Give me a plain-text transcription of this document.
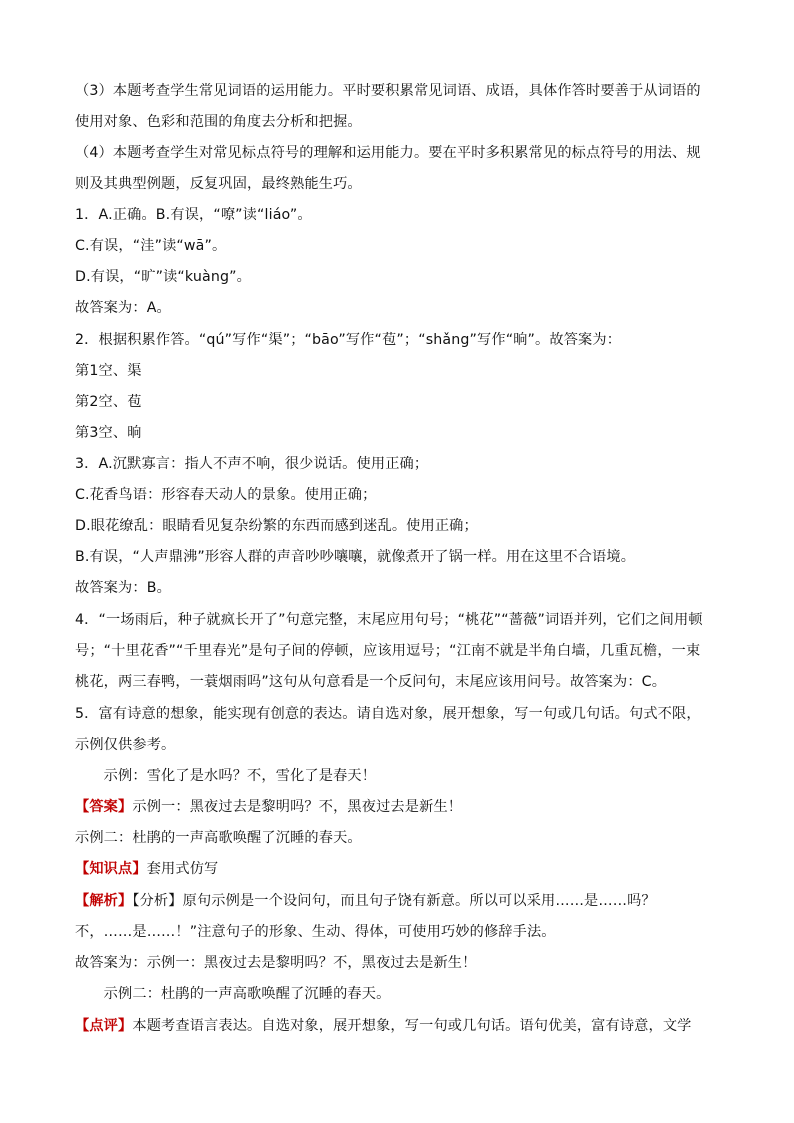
（3）本题考查学生常见词语的运用能力。平时要积累常见词语、成语，具体作答时要善于从词语的
使用对象、色彩和范围的角度去分析和把握。
（4）本题考查学生对常见标点符号的理解和运用能力。要在平时多积累常见的标点符号的用法、规
则及其典型例题，反复巩固，最终熟能生巧。
1．A.正确。B.有误，“嘹”读“liáo”。
C.有误，“洼”读“wā”。
D.有误，“旷”读“kuàng”。
故答案为：A。
2．根据积累作答。“qú”写作“渠”；“bāo”写作“苞”；“shǎng”写作“晌”。故答案为：
第1空、渠
第2空、苞
第3空、晌
3．A.沉默寡言：指人不声不响，很少说话。使用正确；
C.花香鸟语：形容春天动人的景象。使用正确；
D.眼花缭乱：眼睛看见复杂纷繁的东西而感到迷乱。使用正确；
B.有误，“人声鼎沸”形容人群的声音吵吵嚷嚷，就像煮开了锅一样。用在这里不合语境。
故答案为：B。
4．“一场雨后，种子就疯长开了”句意完整，末尾应用句号；“桃花”“蔷薇”词语并列，它们之间用顿
号；“十里花香”“千里春光”是句子间的停顿，应该用逗号；“江南不就是半角白墙，几重瓦檐，一束
桃花，两三春鸭，一蓑烟雨吗”这句从句意看是一个反问句，末尾应该用问号。故答案为：C。
5．富有诗意的想象，能实现有创意的表达。请自选对象，展开想象，写一句或几句话。句式不限，
示例仅供参考。
　　示例：雪化了是水吗？不，雪化了是春天！
【答案】示例一：黑夜过去是黎明吗？不，黑夜过去是新生！
示例二：杜鹃的一声高歌唤醒了沉睡的春天。
【知识点】套用式仿写
【解析】【分析】原句示例是一个设问句，而且句子饶有新意。所以可以采用……是……吗？
不，……是……！”注意句子的形象、生动、得体，可使用巧妙的修辞手法。
故答案为：示例一：黑夜过去是黎明吗？不，黑夜过去是新生！
　　示例二：杜鹃的一声高歌唤醒了沉睡的春天。
【点评】本题考查语言表达。自选对象，展开想象，写一句或几句话。语句优美，富有诗意，文学
